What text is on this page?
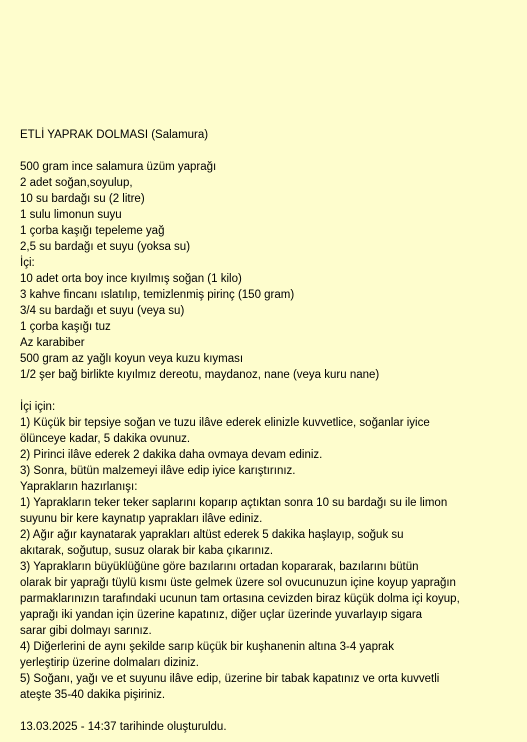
ETLİ YAPRAK DOLMASI (Salamura)
500 gram ince salamura üzüm yaprağı
2 adet soğan,soyulup,
10 su bardağı su (2 litre)
1 sulu limonun suyu
1 çorba kaşığı tepeleme yağ
2,5 su bardağı et suyu (yoksa su)
İçi:
10 adet orta boy ince kıyılmış soğan (1 kilo)
3 kahve fincanı ıslatılıp, temizlenmiş pirinç (150 gram)
3/4 su bardağı et suyu (veya su)
1 çorba kaşığı tuz
Az karabiber
500 gram az yağlı koyun veya kuzu kıyması
1/2 şer bağ birlikte kıyılmız dereotu, maydanoz, nane (veya kuru nane)
İçi için:
1) Küçük bir tepsiye soğan ve tuzu ilâve ederek elinizle kuvvetlice, soğanlar iyice
ölünceye kadar, 5 dakika ovunuz.
2) Pirinci ilâve ederek 2 dakika daha ovmaya devam ediniz.
3) Sonra, bütün malzemeyi ilâve edip iyice karıştırınız.
Yaprakların hazırlanışı:
1) Yaprakların teker teker saplarını koparıp açtıktan sonra 10 su bardağı su ile limon
suyunu bir kere kaynatıp yaprakları ilâve ediniz.
2) Ağır ağır kaynatarak yaprakları altüst ederek 5 dakika haşlayıp, soğuk su
akıtarak, soğutup, susuz olarak bir kaba çıkarınız.
3) Yaprakların büyüklüğüne göre bazılarını ortadan kopararak, bazılarını bütün
olarak bir yaprağı tüylü kısmı üste gelmek üzere sol ovucunuzun içine koyup yaprağın
parmaklarınızın tarafındaki ucunun tam ortasına cevizden biraz küçük dolma içi koyup,
yaprağı iki yandan için üzerine kapatınız, diğer uçlar üzerinde yuvarlayıp sigara
sarar gibi dolmayı sarınız.
4) Diğerlerini de aynı şekilde sarıp küçük bir kuşhanenin altına 3-4 yaprak
yerleştirip üzerine dolmaları diziniz.
5) Soğanı, yağı ve et suyunu ilâve edip, üzerine bir tabak kapatınız ve orta kuvvetli
ateşte 35-40 dakika pişiriniz.
13.03.2025 - 14:37 tarihinde oluşturuldu.
